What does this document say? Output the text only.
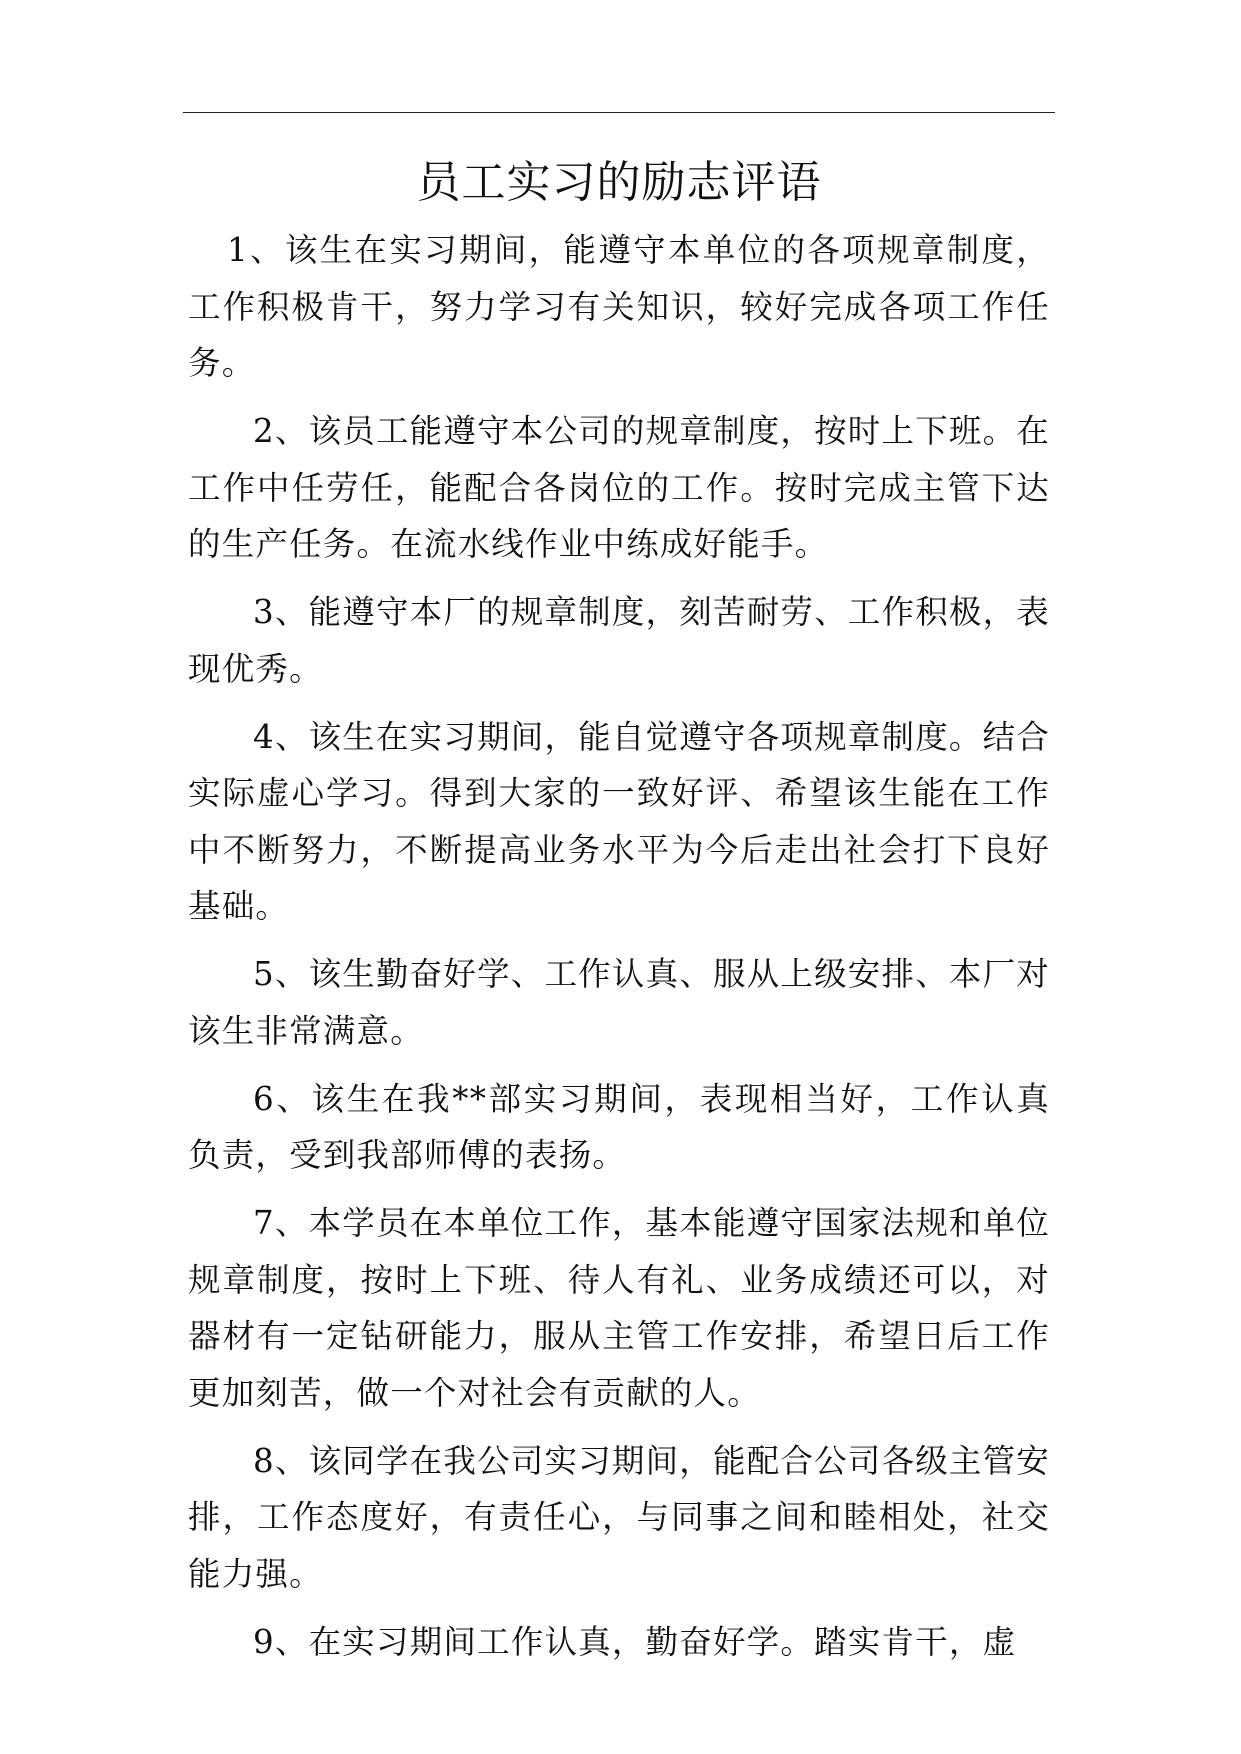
员工实习的励志评语

1、该生在实习期间，能遵守本单位的各项规章制度，工作积极肯干，努力学习有关知识，较好完成各项工作任务。

2、该员工能遵守本公司的规章制度，按时上下班。在工作中任劳任，能配合各岗位的工作。按时完成主管下达的生产任务。在流水线作业中练成好能手。

3、能遵守本厂的规章制度，刻苦耐劳、工作积极，表现优秀。

4、该生在实习期间，能自觉遵守各项规章制度。结合实际虚心学习。得到大家的一致好评、希望该生能在工作中不断努力，不断提高业务水平为今后走出社会打下良好基础。

5、该生勤奋好学、工作认真、服从上级安排、本厂对该生非常满意。

6、该生在我**部实习期间，表现相当好，工作认真负责，受到我部师傅的表扬。

7、本学员在本单位工作，基本能遵守国家法规和单位规章制度，按时上下班、待人有礼、业务成绩还可以，对器材有一定钻研能力，服从主管工作安排，希望日后工作更加刻苦，做一个对社会有贡献的人。

8、该同学在我公司实习期间，能配合公司各级主管安排，工作态度好，有责任心，与同事之间和睦相处，社交能力强。

9、在实习期间工作认真，勤奋好学。踏实肯干，虚
